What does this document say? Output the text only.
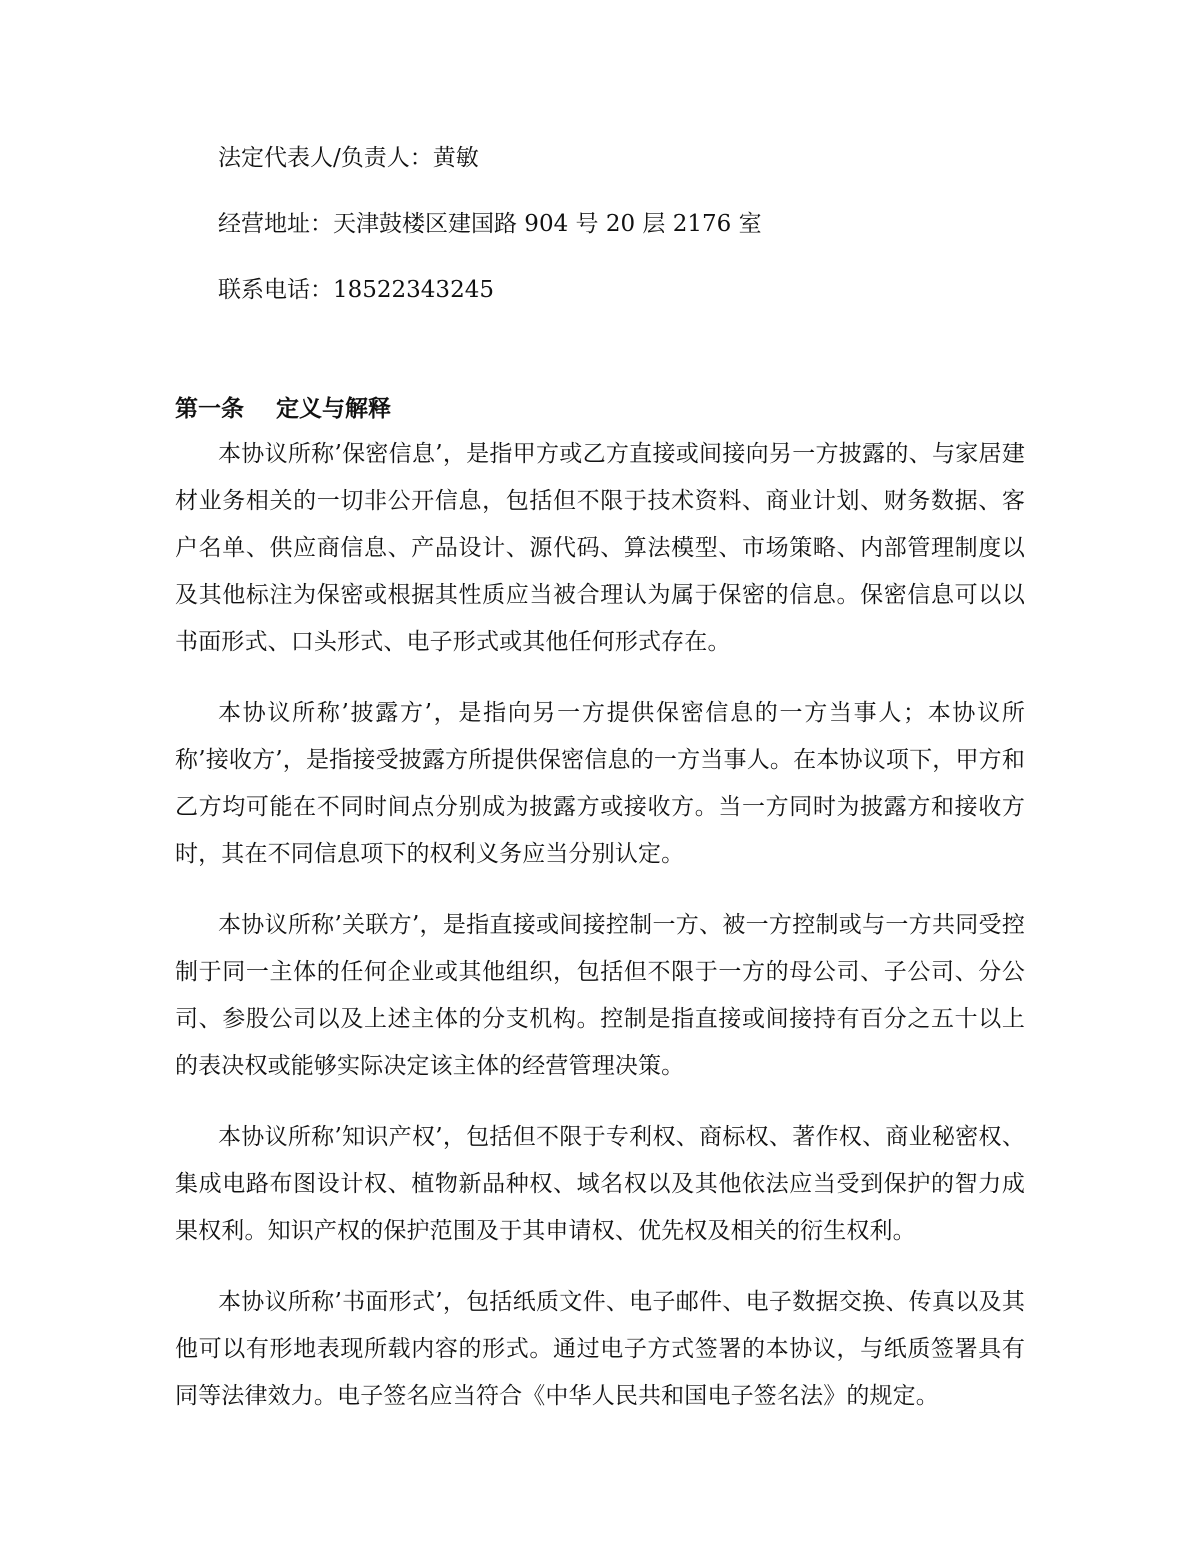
法定代表人/负责人：黄敏

经营地址：天津鼓楼区建国路 904 号 20 层 2176 室

联系电话：18522343245

第一条    定义与解释

本协议所称’保密信息’，是指甲方或乙方直接或间接向另一方披露的、与家居建材业务相关的一切非公开信息，包括但不限于技术资料、商业计划、财务数据、客户名单、供应商信息、产品设计、源代码、算法模型、市场策略、内部管理制度以及其他标注为保密或根据其性质应当被合理认为属于保密的信息。保密信息可以以书面形式、口头形式、电子形式或其他任何形式存在。

本协议所称’披露方’，是指向另一方提供保密信息的一方当事人；本协议所称’接收方’，是指接受披露方所提供保密信息的一方当事人。在本协议项下，甲方和乙方均可能在不同时间点分别成为披露方或接收方。当一方同时为披露方和接收方时，其在不同信息项下的权利义务应当分别认定。

本协议所称’关联方’，是指直接或间接控制一方、被一方控制或与一方共同受控制于同一主体的任何企业或其他组织，包括但不限于一方的母公司、子公司、分公司、参股公司以及上述主体的分支机构。控制是指直接或间接持有百分之五十以上的表决权或能够实际决定该主体的经营管理决策。

本协议所称’知识产权’，包括但不限于专利权、商标权、著作权、商业秘密权、集成电路布图设计权、植物新品种权、域名权以及其他依法应当受到保护的智力成果权利。知识产权的保护范围及于其申请权、优先权及相关的衍生权利。

本协议所称’书面形式’，包括纸质文件、电子邮件、电子数据交换、传真以及其他可以有形地表现所载内容的形式。通过电子方式签署的本协议，与纸质签署具有同等法律效力。电子签名应当符合《中华人民共和国电子签名法》的规定。
